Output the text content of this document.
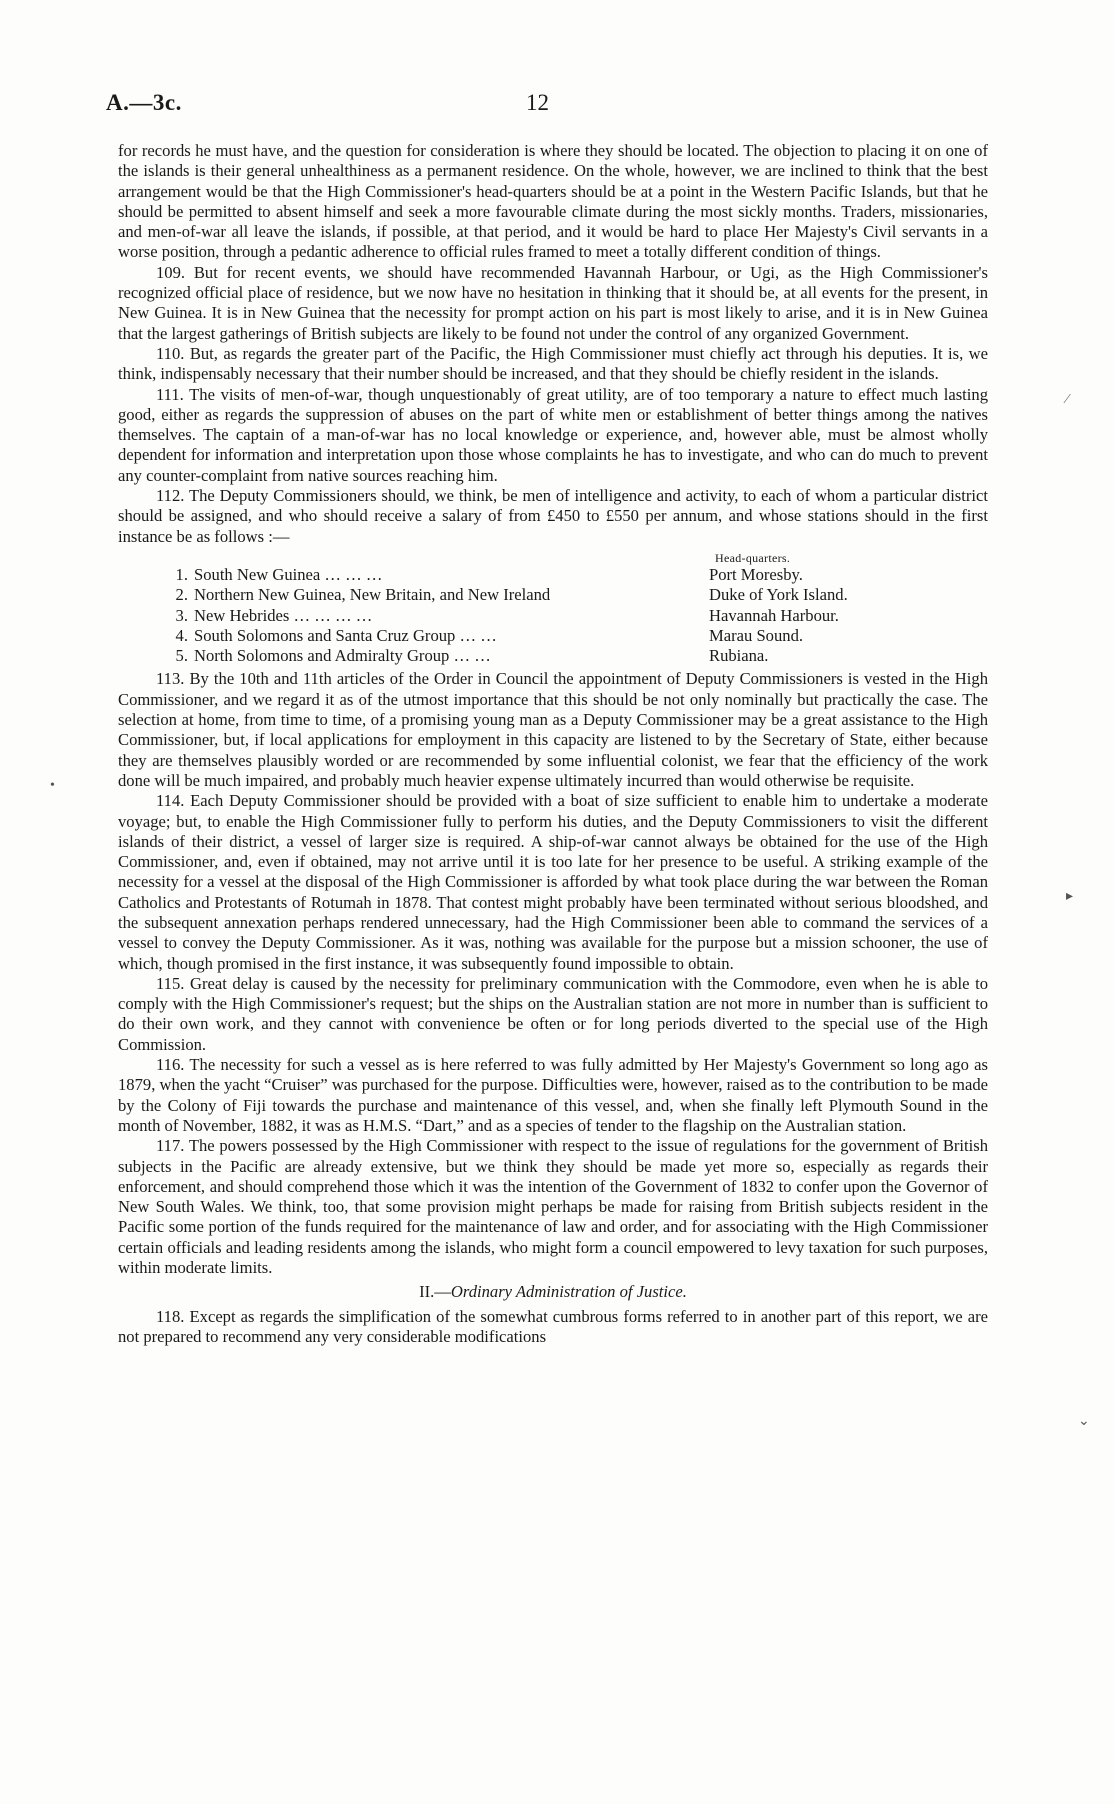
A.—3c.	12

for records he must have, and the question for consideration is where they should be located. The objection to placing it on one of the islands is their general unhealthiness as a permanent residence. On the whole, however, we are inclined to think that the best arrangement would be that the High Commissioner's head-quarters should be at a point in the Western Pacific Islands, but that he should be permitted to absent himself and seek a more favourable climate during the most sickly months. Traders, missionaries, and men-of-war all leave the islands, if possible, at that period, and it would be hard to place Her Majesty's Civil servants in a worse position, through a pedantic adherence to official rules framed to meet a totally different condition of things.

109. But for recent events, we should have recommended Havannah Harbour, or Ugi, as the High Commissioner's recognized official place of residence, but we now have no hesitation in thinking that it should be, at all events for the present, in New Guinea. It is in New Guinea that the necessity for prompt action on his part is most likely to arise, and it is in New Guinea that the largest gatherings of British subjects are likely to be found not under the control of any organized Government.

110. But, as regards the greater part of the Pacific, the High Commissioner must chiefly act through his deputies. It is, we think, indispensably necessary that their number should be increased, and that they should be chiefly resident in the islands.

111. The visits of men-of-war, though unquestionably of great utility, are of too temporary a nature to effect much lasting good, either as regards the suppression of abuses on the part of white men or establishment of better things among the natives themselves. The captain of a man-of-war has no local knowledge or experience, and, however able, must be almost wholly dependent for information and interpretation upon those whose complaints he has to investigate, and who can do much to prevent any counter-complaint from native sources reaching him.

112. The Deputy Commissioners should, we think, be men of intelligence and activity, to each of whom a particular district should be assigned, and who should receive a salary of from £450 to £550 per annum, and whose stations should in the first instance be as follows :—

Head-quarters.
1. South New Guinea … … …	Port Moresby.
2. Northern New Guinea, New Britain, and New Ireland	Duke of York Island.
3. New Hebrides … … … …	Havannah Harbour.
4. South Solomons and Santa Cruz Group … …	Marau Sound.
5. North Solomons and Admiralty Group … …	Rubiana.

113. By the 10th and 11th articles of the Order in Council the appointment of Deputy Commissioners is vested in the High Commissioner, and we regard it as of the utmost importance that this should be not only nominally but practically the case. The selection at home, from time to time, of a promising young man as a Deputy Commissioner may be a great assistance to the High Commissioner, but, if local applications for employment in this capacity are listened to by the Secretary of State, either because they are themselves plausibly worded or are recommended by some influential colonist, we fear that the efficiency of the work done will be much impaired, and probably much heavier expense ultimately incurred than would otherwise be requisite.

114. Each Deputy Commissioner should be provided with a boat of size sufficient to enable him to undertake a moderate voyage; but, to enable the High Commissioner fully to perform his duties, and the Deputy Commissioners to visit the different islands of their district, a vessel of larger size is required. A ship-of-war cannot always be obtained for the use of the High Commissioner, and, even if obtained, may not arrive until it is too late for her presence to be useful. A striking example of the necessity for a vessel at the disposal of the High Commissioner is afforded by what took place during the war between the Roman Catholics and Protestants of Rotumah in 1878. That contest might probably have been terminated without serious bloodshed, and the subsequent annexation perhaps rendered unnecessary, had the High Commissioner been able to command the services of a vessel to convey the Deputy Commissioner. As it was, nothing was available for the purpose but a mission schooner, the use of which, though promised in the first instance, it was subsequently found impossible to obtain.

115. Great delay is caused by the necessity for preliminary communication with the Commodore, even when he is able to comply with the High Commissioner's request; but the ships on the Australian station are not more in number than is sufficient to do their own work, and they cannot with convenience be often or for long periods diverted to the special use of the High Commission.

116. The necessity for such a vessel as is here referred to was fully admitted by Her Majesty's Government so long ago as 1879, when the yacht “Cruiser” was purchased for the purpose. Difficulties were, however, raised as to the contribution to be made by the Colony of Fiji towards the purchase and maintenance of this vessel, and, when she finally left Plymouth Sound in the month of November, 1882, it was as H.M.S. “Dart,” and as a species of tender to the flagship on the Australian station.

117. The powers possessed by the High Commissioner with respect to the issue of regulations for the government of British subjects in the Pacific are already extensive, but we think they should be made yet more so, especially as regards their enforcement, and should comprehend those which it was the intention of the Government of 1832 to confer upon the Governor of New South Wales. We think, too, that some provision might perhaps be made for raising from British subjects resident in the Pacific some portion of the funds required for the maintenance of law and order, and for associating with the High Commissioner certain officials and leading residents among the islands, who might form a council empowered to levy taxation for such purposes, within moderate limits.

II.—Ordinary Administration of Justice.

118. Except as regards the simplification of the somewhat cumbrous forms referred to in another part of this report, we are not prepared to recommend any very considerable modifications

•
⁄
▸
⌄
